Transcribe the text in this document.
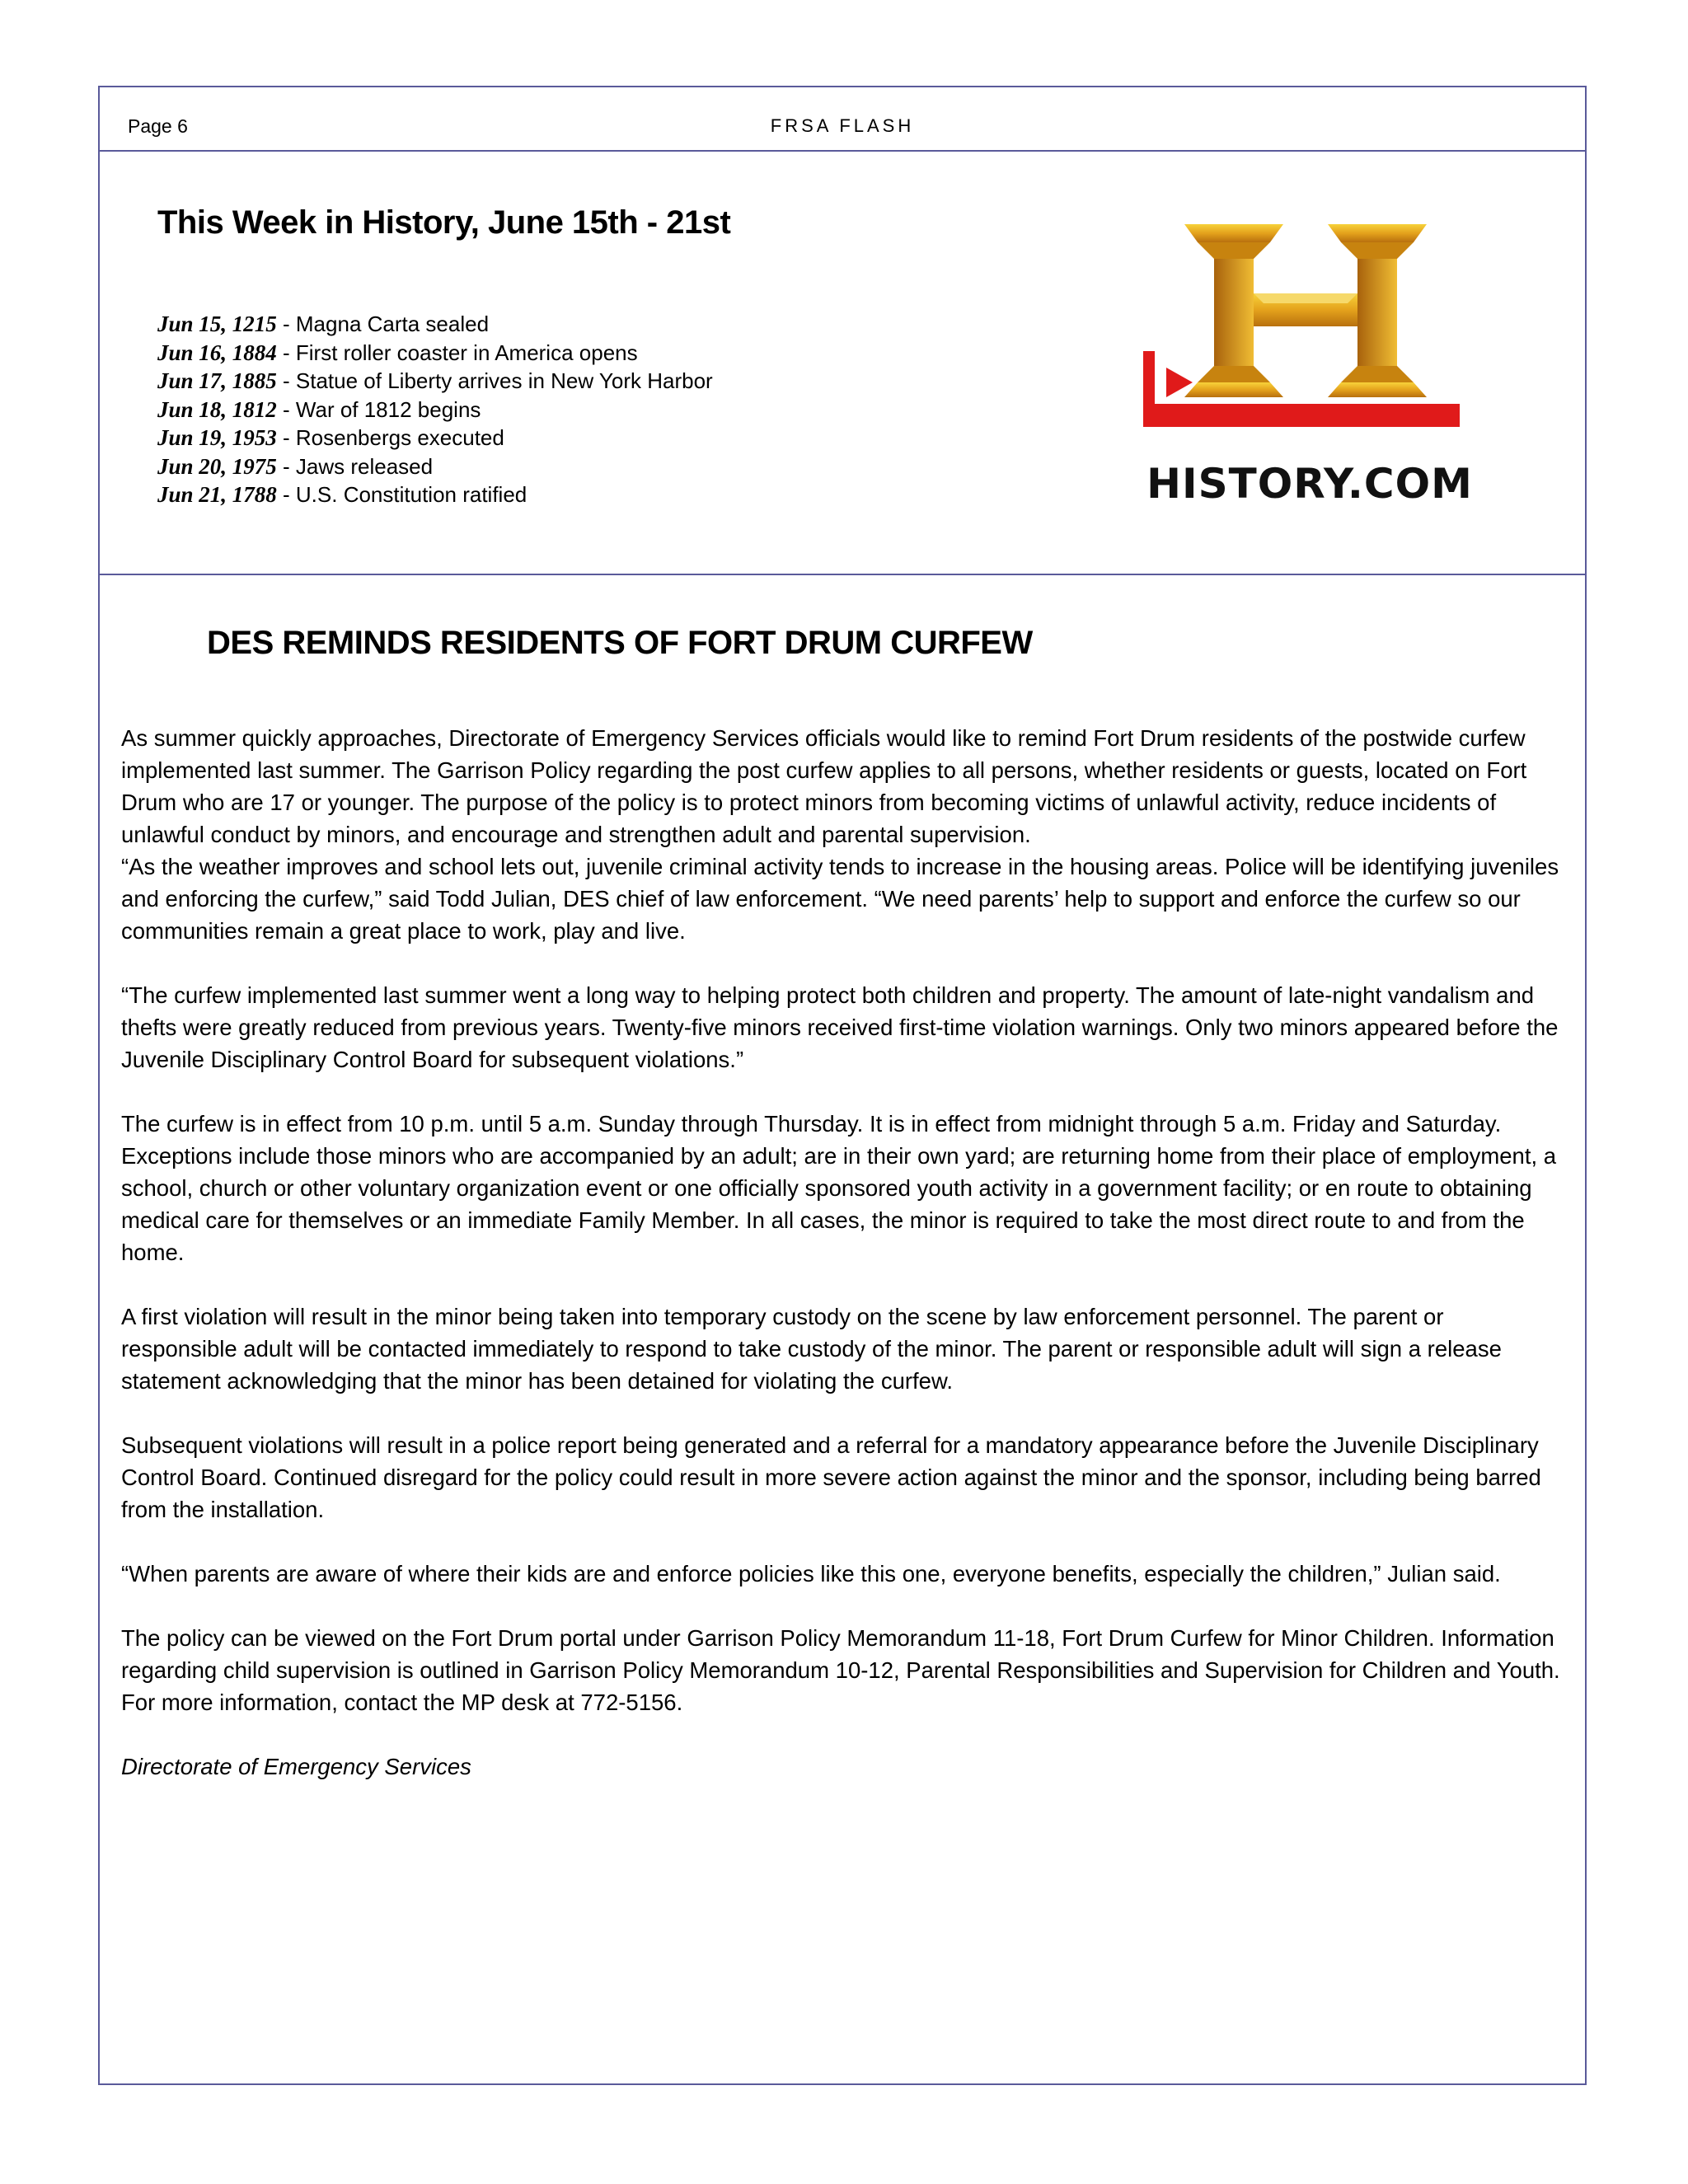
Page 6	FRSA FLASH
This Week in History, June 15th - 21st
Jun 15, 1215 - Magna Carta sealed
Jun 16, 1884 - First roller coaster in America opens
Jun 17, 1885 - Statue of Liberty arrives in New York Harbor
Jun 18, 1812 - War of 1812 begins
Jun 19, 1953 - Rosenbergs executed
Jun 20, 1975 - Jaws released
Jun 21, 1788 - U.S. Constitution ratified	HISTORY.COM
DES REMINDS RESIDENTS OF FORT DRUM CURFEW

As summer quickly approaches, Directorate of Emergency Services officials would like to remind Fort Drum residents of the postwide curfew implemented last summer. The Garrison Policy regarding the post curfew applies to all persons, whether residents or guests, located on Fort Drum who are 17 or younger. The purpose of the policy is to protect minors from becoming victims of unlawful activity, reduce incidents of unlawful conduct by minors, and encourage and strengthen adult and parental supervision.

“As the weather improves and school lets out, juvenile criminal activity tends to increase in the housing areas. Police will be identifying juveniles and enforcing the curfew,” said Todd Julian, DES chief of law enforcement. “We need parents’ help to support and enforce the curfew so our communities remain a great place to work, play and live.

“The curfew implemented last summer went a long way to helping protect both children and property. The amount of late-night vandalism and thefts were greatly reduced from previous years. Twenty-five minors received first-time violation warnings. Only two minors appeared before the Juvenile Disciplinary Control Board for subsequent violations.”

The curfew is in effect from 10 p.m. until 5 a.m. Sunday through Thursday. It is in effect from midnight through 5 a.m. Friday and Saturday. Exceptions include those minors who are accompanied by an adult; are in their own yard; are returning home from their place of employment, a school, church or other voluntary organization event or one officially sponsored youth activity in a government facility; or en route to obtaining medical care for themselves or an immediate Family Member. In all cases, the minor is required to take the most direct route to and from the home.

A first violation will result in the minor being taken into temporary custody on the scene by law enforcement personnel. The parent or responsible adult will be contacted immediately to respond to take custody of the minor. The parent or responsible adult will sign a release statement acknowledging that the minor has been detained for violating the curfew.

Subsequent violations will result in a police report being generated and a referral for a mandatory appearance before the Juvenile Disciplinary Control Board. Continued disregard for the policy could result in more severe action against the minor and the sponsor, including being barred from the installation.

“When parents are aware of where their kids are and enforce policies like this one, everyone benefits, especially the children,” Julian said.

The policy can be viewed on the Fort Drum portal under Garrison Policy Memorandum 11-18, Fort Drum Curfew for Minor Children. Information regarding child supervision is outlined in Garrison Policy Memorandum 10-12, Parental Responsibilities and Supervision for Children and Youth. For more information, contact the MP desk at 772-5156.

Directorate of Emergency Services
